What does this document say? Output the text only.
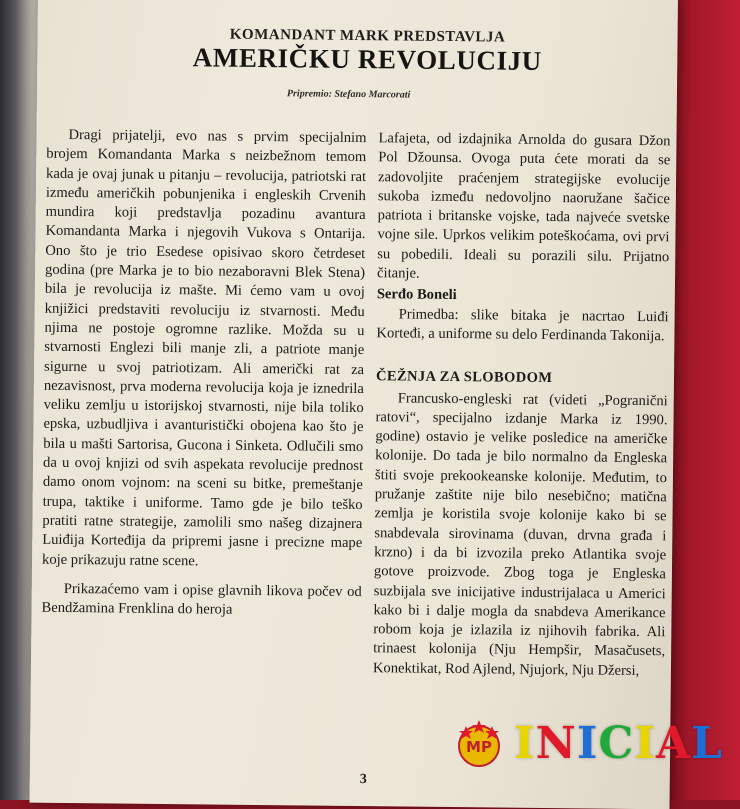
KOMANDANT MARK PREDSTAVLJA
AMERIČKU REVOLUCIJU
Pripremio: Stefano Marcorati

Dragi prijatelji, evo nas s prvim specijalnim brojem Komandanta Marka s neizbežnom temom kada je ovaj junak u pitanju – revolucija, patriotski rat između američkih pobunjenika i engleskih Crvenih mundira koji predstavlja pozadinu avantura Komandanta Marka i njegovih Vukova s Ontarija. Ono što je trio Esedese opisivao skoro četrdeset godina (pre Marka je to bio nezaboravni Blek Stena) bila je revolucija iz mašte. Mi ćemo vam u ovoj knjižici predstaviti revoluciju iz stvarnosti. Među njima ne postoje ogromne razlike. Možda su u stvarnosti Englezi bili manje zli, a patriote manje sigurne u svoj patriotizam. Ali američki rat za nezavisnost, prva moderna revolucija koja je iznedrila veliku zemlju u istorijskoj stvarnosti, nije bila toliko epska, uzbudljiva i avanturistički obojena kao što je bila u mašti Sartorisa, Gucona i Sinketa. Odlučili smo da u ovoj knjizi od svih aspekata revolucije prednost damo onom vojnom: na sceni su bitke, premeštanje trupa, taktike i uniforme. Tamo gde je bilo teško pratiti ratne strategije, zamolili smo našeg dizajnera Luiđija Korteđija da pripremi jasne i precizne mape koje prikazuju ratne scene.

Prikazaćemo vam i opise glavnih likova počev od Bendžamina Frenklina do heroja

Lafajeta, od izdajnika Arnolda do gusara Džon Pol Džounsa. Ovoga puta ćete morati da se zadovoljite praćenjem strategijske evolucije sukoba između nedovoljno naoružane šačice patriota i britanske vojske, tada najveće svetske vojne sile. Uprkos velikim poteškoćama, ovi prvi su pobedili. Ideali su porazili silu. Prijatno čitanje.

Serđo Boneli

Primedba: slike bitaka je nacrtao Luiđi Korteđi, a uniforme su delo Ferdinanda Takonija.

ČEŽNJA ZA SLOBODOM

Francusko-engleski rat (videti „Pogranični ratovi“, specijalno izdanje Marka iz 1990. godine) ostavio je velike posledice na američke kolonije. Do tada je bilo normalno da Engleska štiti svoje prekookeanske kolonije. Međutim, to pružanje zaštite nije bilo nesebično; matična zemlja je koristila svoje kolonije kako bi se snabdevala sirovinama (duvan, drvna građa i krzno) i da bi izvozila preko Atlantika svoje gotove proizvode. Zbog toga je Engleska suzbijala sve inicijative industrijalaca u Americi kako bi i dalje mogla da snabdeva Amerikance robom koja je izlazila iz njihovih fabrika. Ali trinaest kolonija (Nju Hempšir, Masačusets, Konektikat, Rod Ajlend, Njujork, Nju Džersi,

3
MP INICIAL
